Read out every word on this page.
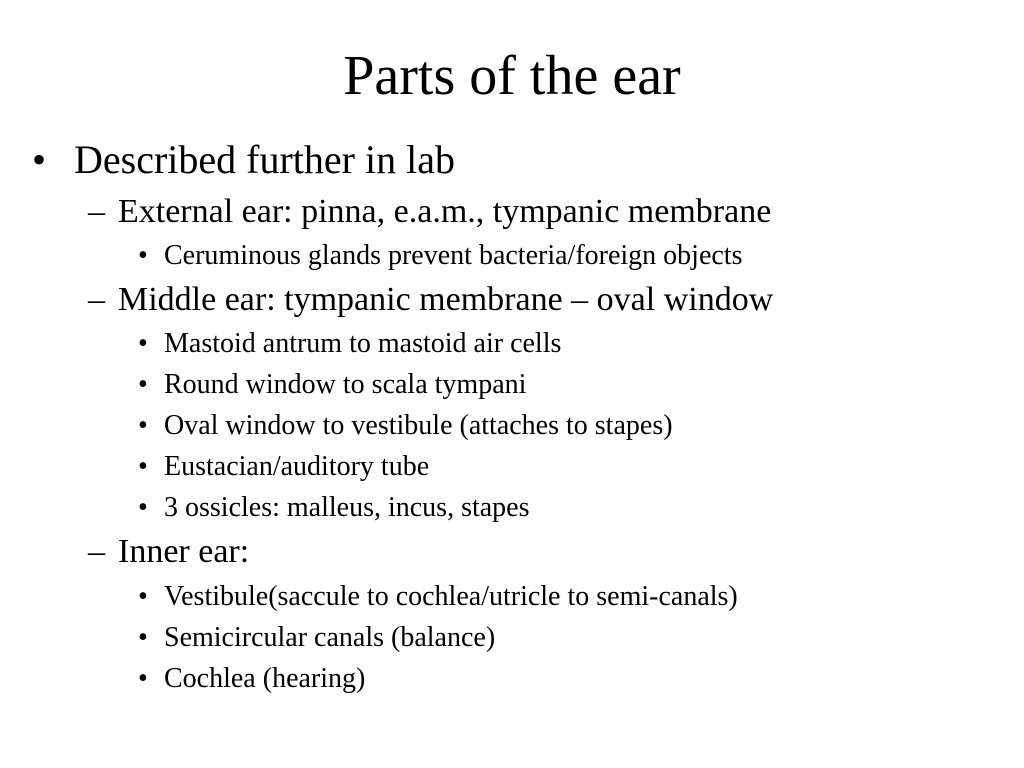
Parts of the ear
• Described further in lab
– External ear: pinna, e.a.m., tympanic membrane
• Ceruminous glands prevent bacteria/foreign objects
– Middle ear: tympanic membrane – oval window
• Mastoid antrum to mastoid air cells
• Round window to scala tympani
• Oval window to vestibule (attaches to stapes)
• Eustacian/auditory tube
• 3 ossicles: malleus, incus, stapes
– Inner ear:
• Vestibule(saccule to cochlea/utricle to semi-canals)
• Semicircular canals (balance)
• Cochlea (hearing)
